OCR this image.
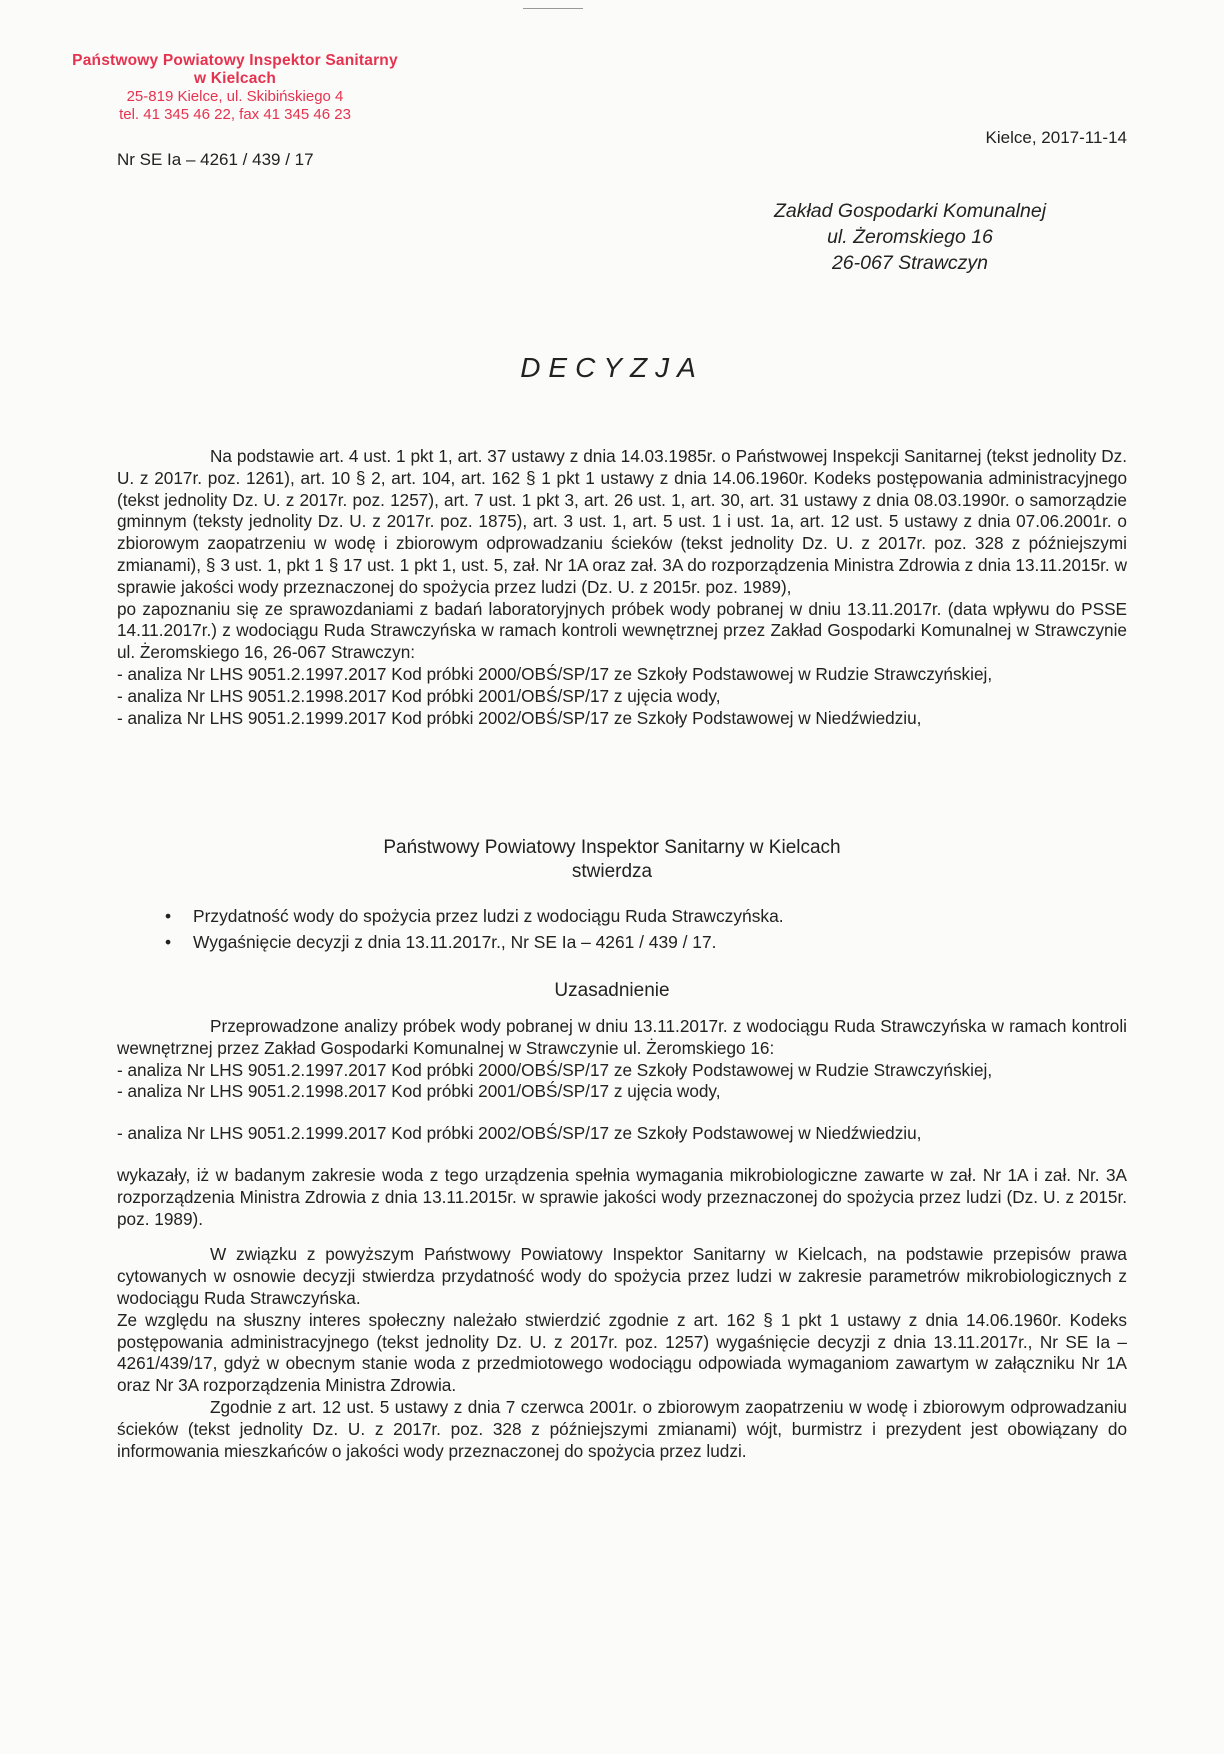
Państwowy Powiatowy Inspektor Sanitarny
w Kielcach
25-819 Kielce, ul. Skibińskiego 4
tel. 41 345 46 22, fax 41 345 46 23
Kielce, 2017-11-14
Nr SE Ia – 4261 / 439 / 17
Zakład Gospodarki Komunalnej
ul. Żeromskiego 16
26-067 Strawczyn
DECYZJA
Na podstawie art. 4 ust. 1 pkt 1, art. 37 ustawy z dnia 14.03.1985r. o Państwowej Inspekcji Sanitarnej (tekst jednolity Dz. U. z 2017r. poz. 1261), art. 10 § 2, art. 104, art. 162 § 1 pkt 1 ustawy z dnia 14.06.1960r. Kodeks postępowania administracyjnego (tekst jednolity Dz. U. z 2017r. poz. 1257), art. 7 ust. 1 pkt 3, art. 26 ust. 1, art. 30, art. 31 ustawy z dnia 08.03.1990r. o samorządzie gminnym (teksty jednolity Dz. U. z 2017r. poz. 1875), art. 3 ust. 1, art. 5 ust. 1 i ust. 1a, art. 12 ust. 5 ustawy z dnia 07.06.2001r. o zbiorowym zaopatrzeniu w wodę i zbiorowym odprowadzaniu ścieków (tekst jednolity Dz. U. z 2017r. poz. 328 z późniejszymi zmianami), § 3 ust. 1, pkt 1 § 17 ust. 1 pkt 1, ust. 5, zał. Nr 1A oraz zał. 3A do rozporządzenia Ministra Zdrowia z dnia 13.11.2015r. w sprawie jakości wody przeznaczonej do spożycia przez ludzi (Dz. U. z 2015r. poz. 1989),
po zapoznaniu się ze sprawozdaniami z badań laboratoryjnych próbek wody pobranej w dniu 13.11.2017r. (data wpływu do PSSE 14.11.2017r.) z wodociągu Ruda Strawczyńska w ramach kontroli wewnętrznej przez Zakład Gospodarki Komunalnej w Strawczynie ul. Żeromskiego 16, 26-067 Strawczyn:
- analiza Nr LHS 9051.2.1997.2017 Kod próbki 2000/OBŚ/SP/17 ze Szkoły Podstawowej w Rudzie Strawczyńskiej,
- analiza Nr LHS 9051.2.1998.2017 Kod próbki 2001/OBŚ/SP/17 z ujęcia wody,
- analiza Nr LHS 9051.2.1999.2017 Kod próbki 2002/OBŚ/SP/17 ze Szkoły Podstawowej w Niedźwiedziu,
Państwowy Powiatowy Inspektor Sanitarny w Kielcach
stwierdza
•	Przydatność wody do spożycia przez ludzi z wodociągu Ruda Strawczyńska.
•	Wygaśnięcie decyzji z dnia 13.11.2017r., Nr SE Ia – 4261 / 439 / 17.
Uzasadnienie
Przeprowadzone analizy próbek wody pobranej w dniu 13.11.2017r. z wodociągu Ruda Strawczyńska w ramach kontroli wewnętrznej przez Zakład Gospodarki Komunalnej w Strawczynie ul. Żeromskiego 16:
- analiza Nr LHS 9051.2.1997.2017 Kod próbki 2000/OBŚ/SP/17 ze Szkoły Podstawowej w Rudzie Strawczyńskiej,
- analiza Nr LHS 9051.2.1998.2017 Kod próbki 2001/OBŚ/SP/17 z ujęcia wody,
- analiza Nr LHS 9051.2.1999.2017 Kod próbki 2002/OBŚ/SP/17 ze Szkoły Podstawowej w Niedźwiedziu,
wykazały, iż w badanym zakresie woda z tego urządzenia spełnia wymagania mikrobiologiczne zawarte w zał. Nr 1A i zał. Nr. 3A rozporządzenia Ministra Zdrowia z dnia 13.11.2015r. w sprawie jakości wody przeznaczonej do spożycia przez ludzi (Dz. U. z 2015r. poz. 1989).
W związku z powyższym Państwowy Powiatowy Inspektor Sanitarny w Kielcach, na podstawie przepisów prawa cytowanych w osnowie decyzji stwierdza przydatność wody do spożycia przez ludzi w zakresie parametrów mikrobiologicznych z wodociągu Ruda Strawczyńska.
Ze względu na słuszny interes społeczny należało stwierdzić zgodnie z art. 162 § 1 pkt 1 ustawy z dnia 14.06.1960r. Kodeks postępowania administracyjnego (tekst jednolity Dz. U. z 2017r. poz. 1257) wygaśnięcie decyzji z dnia 13.11.2017r., Nr SE Ia – 4261/439/17, gdyż w obecnym stanie woda z przedmiotowego wodociągu odpowiada wymaganiom zawartym w załączniku Nr 1A oraz Nr 3A rozporządzenia Ministra Zdrowia.
Zgodnie z art. 12 ust. 5 ustawy z dnia 7 czerwca 2001r. o zbiorowym zaopatrzeniu w wodę i zbiorowym odprowadzaniu ścieków (tekst jednolity Dz. U. z 2017r. poz. 328 z późniejszymi zmianami) wójt, burmistrz i prezydent jest obowiązany do informowania mieszkańców o jakości wody przeznaczonej do spożycia przez ludzi.
